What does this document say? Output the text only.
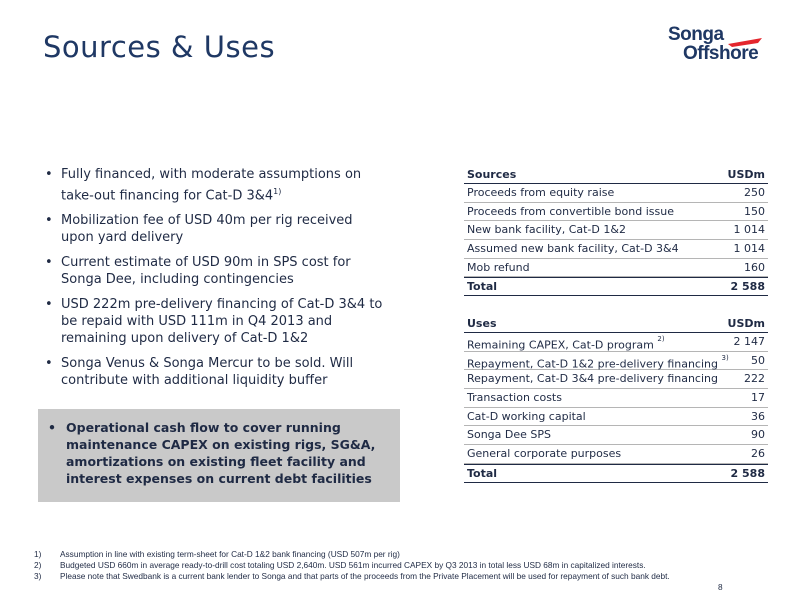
Sources & Uses	Songa
Offshore
• Fully financed, with moderate assumptions on take-out financing for Cat-D 3&4$^{1)}$
• Mobilization fee of USD 40m per rig received upon yard delivery
• Current estimate of USD 90m in SPS cost for Songa Dee, including contingencies
• USD 222m pre-delivery financing of Cat-D 3&4 to be repaid with USD 111m in Q4 2013 and remaining upon delivery of Cat-D 1&2
• Songa Venus & Songa Mercur to be sold. Will contribute with additional liquidity buffer
• Operational cash flow to cover running maintenance CAPEX on existing rigs, SG&A, amortizations on existing fleet facility and interest expenses on current debt facilities
Sources	USDm
Proceeds from equity raise	250
Proceeds from convertible bond issue	150
New bank facility, Cat-D 1&2	1 014
Assumed new bank facility, Cat-D 3&4	1 014
Mob refund	160
Total	2 588
Uses	USDm
Remaining CAPEX, Cat-D program $^{2)}$	2 147
Repayment, Cat-D 1&2 pre-delivery financing $^{3)}$ 50
Repayment, Cat-D 3&4 pre-delivery financing 222
Transaction costs	17
Cat-D working capital	36
Songa Dee SPS	90
General corporate purposes	26
Total	2 588
1)	Assumption in line with existing term-sheet for Cat-D 1&2 bank financing (USD 507m per rig)
2)	Budgeted USD 660m in average ready-to-drill cost totaling USD 2,640m. USD 561m incurred CAPEX by Q3 2013 in total less USD 68m in capitalized interests.
3)	Please note that Swedbank is a current bank lender to Songa and that parts of the proceeds from the Private Placement will be used for repayment of such bank debt.
8
